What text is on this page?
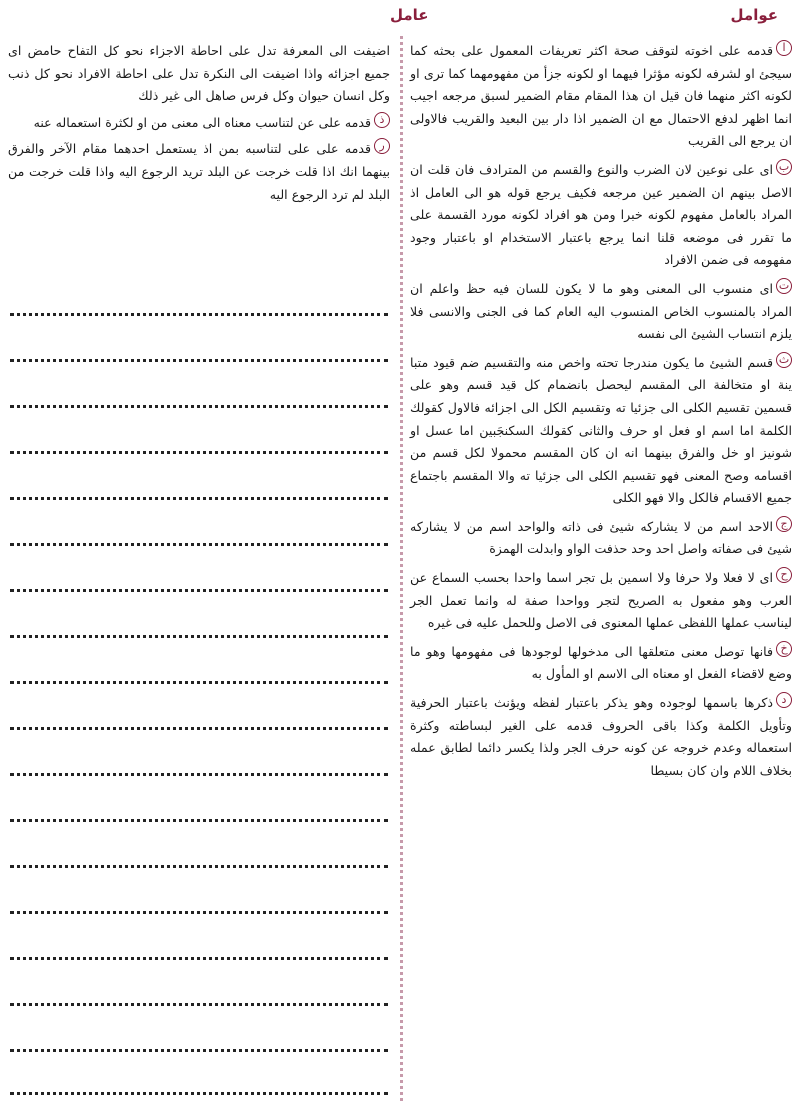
عوامل
عامل
اقدمه على اخوته لتوقف صحة اكثر تعريفات المعمول على بحثه كما سيجئ او لشرفه لكونه مؤثرا فيهما او لكونه جزأ من مفهومهما كما ترى او لكونه اكثر منهما فان قيل ان هذا المقام مقام الضمير لسبق مرجعه اجيب انما اظهر لدفع الاحتمال مع ان الضمير اذا دار بين البعيد والقريب فالاولى ان يرجع الى القريب
باى على نوعين لان الضرب والنوع والقسم من المترادف فان قلت ان الاصل بينهم ان الضمير عين مرجعه فكيف يرجع قوله هو الى العامل اذ المراد بالعامل مفهوم لكونه خبرا ومن هو افراد لكونه مورد القسمة على ما تقرر فى موضعه قلنا انما يرجع باعتبار الاستخدام او باعتبار وجود مفهومه فى ضمن الافراد
تاى منسوب الى المعنى وهو ما لا يكون للسان فيه حظ واعلم ان المراد بالمنسوب الخاص المنسوب اليه العام كما فى الجنى والانسى فلا يلزم انتساب الشيئ الى نفسه
ثقسم الشيئ ما يكون مندرجا تحته واخص منه والتقسيم ضم قيود متبا ينة او متخالفة الى المقسم ليحصل بانضمام كل قيد قسم وهو على قسمين تقسيم الكلى الى جزئيا ته وتقسيم الكل الى اجزائه فالاول كقولك الكلمة اما اسم او فعل او حرف والثانى كقولك السكنجَبين اما عسل او شونيز او خل والفرق بينهما انه ان كان المقسم محمولا لكل قسم من اقسامه وصح المعنى فهو تقسيم الكلى الى جزئيا ته والا المقسم باجتماع جميع الاقسام فالكل والا فهو الكلى
جالاحد اسم من لا يشاركه شيئ فى ذاته والواحد اسم من لا يشاركه شيئ فى صفاته واصل احد وحد حذفت الواو وابدلت الهمزة
حاى لا فعلا ولا حرفا ولا اسمين بل تجر اسما واحدا بحسب السماع عن العرب وهو مفعول به الصريح لتجر وواحدا صفة له وانما تعمل الجر ليناسب عملها اللفظى عملها المعنوى فى الاصل وللحمل عليه فى غيره
خفانها توصل معنى متعلقها الى مدخولها لوجودها فى مفهومها وهو ما وضع لاقضاء الفعل او معناه الى الاسم او المأول به
دذكرها باسمها لوجوده وهو يذكر باعتبار لفظه ويؤنث باعتبار الحرفية وتأويل الكلمة وكذا باقى الحروف قدمه على الغير لبساطته وكثرة استعماله وعدم خروجه عن كونه حرف الجر ولذا يكسر دائما لطابق عمله بخلاف اللام وان كان بسيطا
اضيفت الى المعرفة تدل على احاطة الاجزاء نحو كل التفاح حامض اى جميع اجزائه واذا اضيفت الى النكرة تدل على احاطة الافراد نحو كل ذنب وكل انسان حيوان وكل فرس صاهل الى غير ذلك
ذقدمه على عن لتناسب معناه الى معنى من او لكثرة استعماله عنه
رقدمه على على لتناسبه بمن اذ يستعمل احدهما مقام الآخر والفرق بينهما انك اذا قلت خرجت عن البلد تريد الرجوع اليه واذا قلت خرجت من البلد لم ترد الرجوع اليه
